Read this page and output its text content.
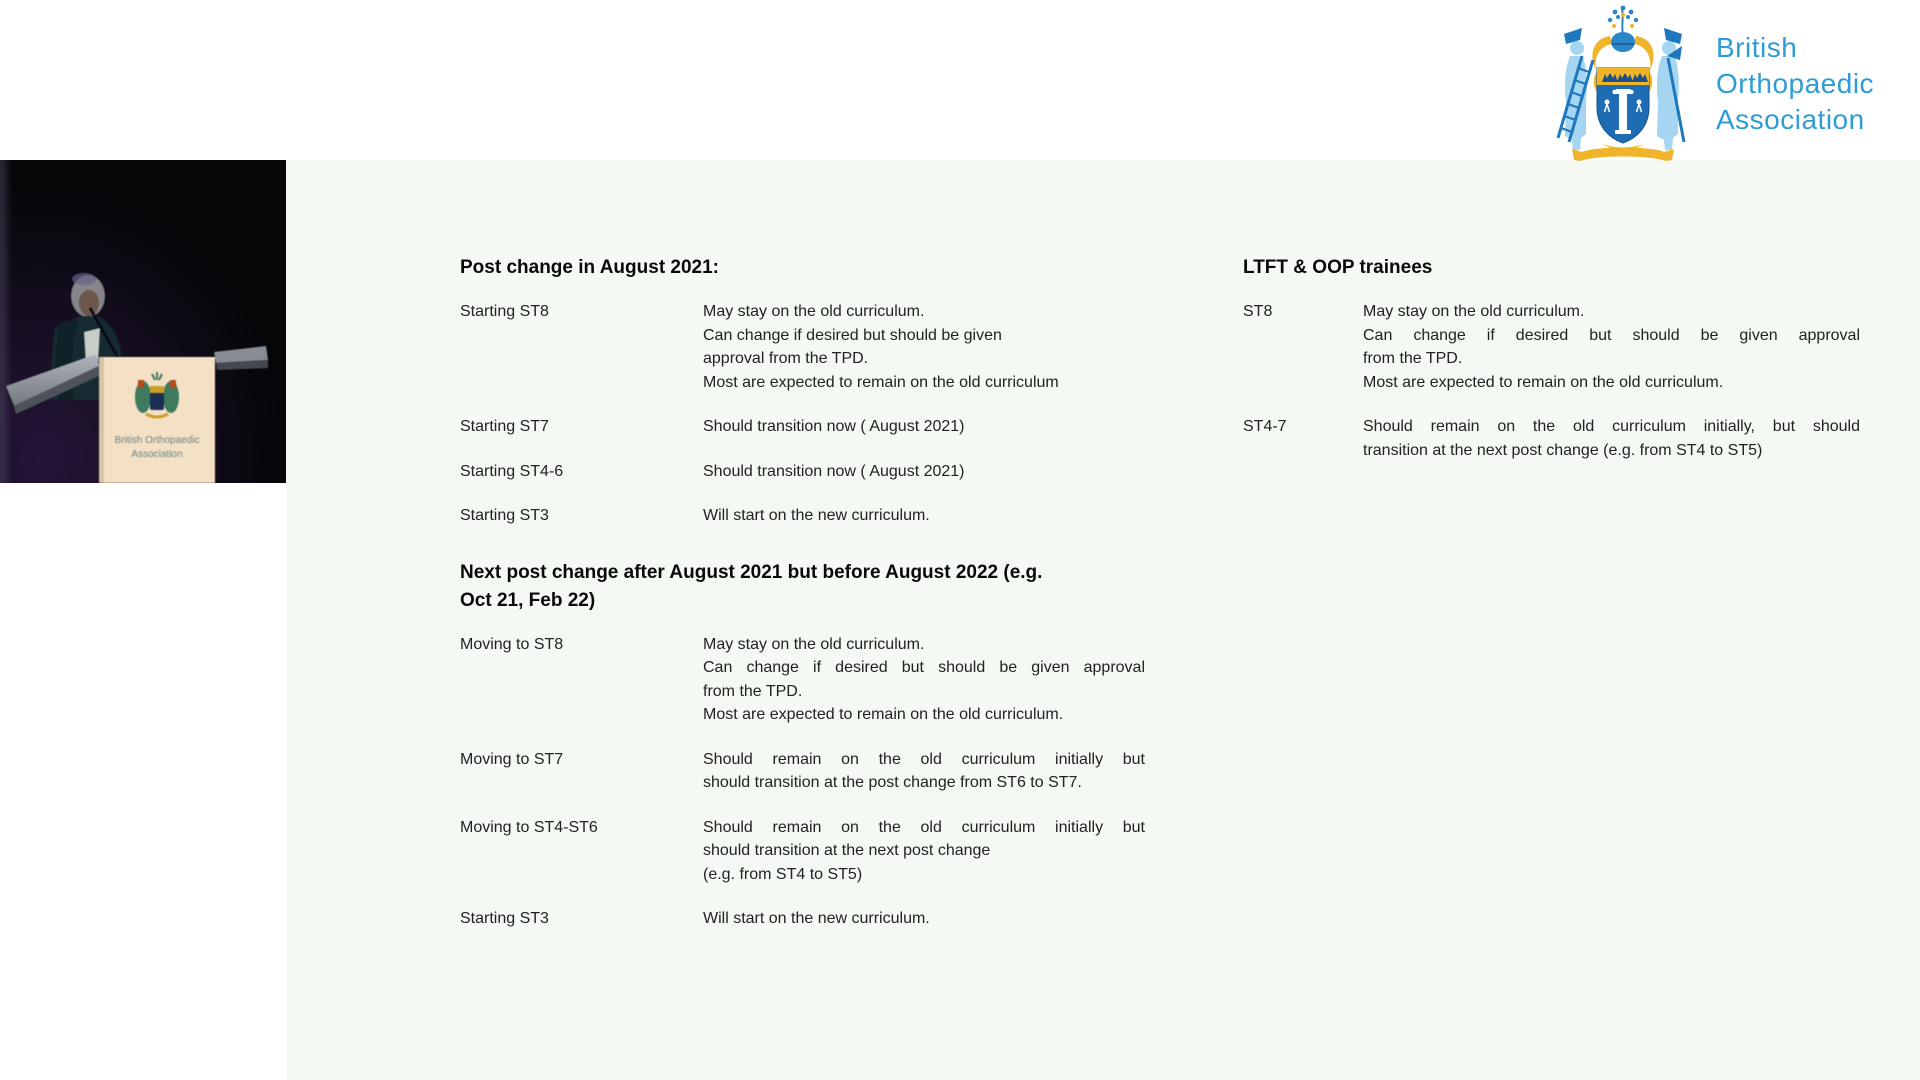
British
Orthopaedic
Association
British Orthopaedic
Association
Post change in August 2021:
Starting ST8	May stay on the old curriculum.
Can change if desired but should be given
approval from the TPD.
Most are expected to remain on the old curriculum
Starting ST7	Should transition now ( August 2021)
Starting ST4-6	Should transition now ( August 2021)
Starting ST3	Will start on the new curriculum.
Next post change after August 2021 but before August 2022 (e.g.
Oct 21, Feb 22)
Moving to ST8	May stay on the old curriculum.
Can change if desired but should be given approval
from the TPD.
Most are expected to remain on the old curriculum.
Moving to ST7	Should remain on the old curriculum initially but
should transition at the post change from ST6 to ST7.
Moving to ST4-ST6	Should remain on the old curriculum initially but
should transition at the next post change
(e.g. from ST4 to ST5)
Starting ST3	Will start on the new curriculum.
LTFT & OOP trainees
ST8	May stay on the old curriculum.
Can change if desired but should be given approval
from the TPD.
Most are expected to remain on the old curriculum.
ST4-7	Should remain on the old curriculum initially, but should
transition at the next post change (e.g. from ST4 to ST5)
